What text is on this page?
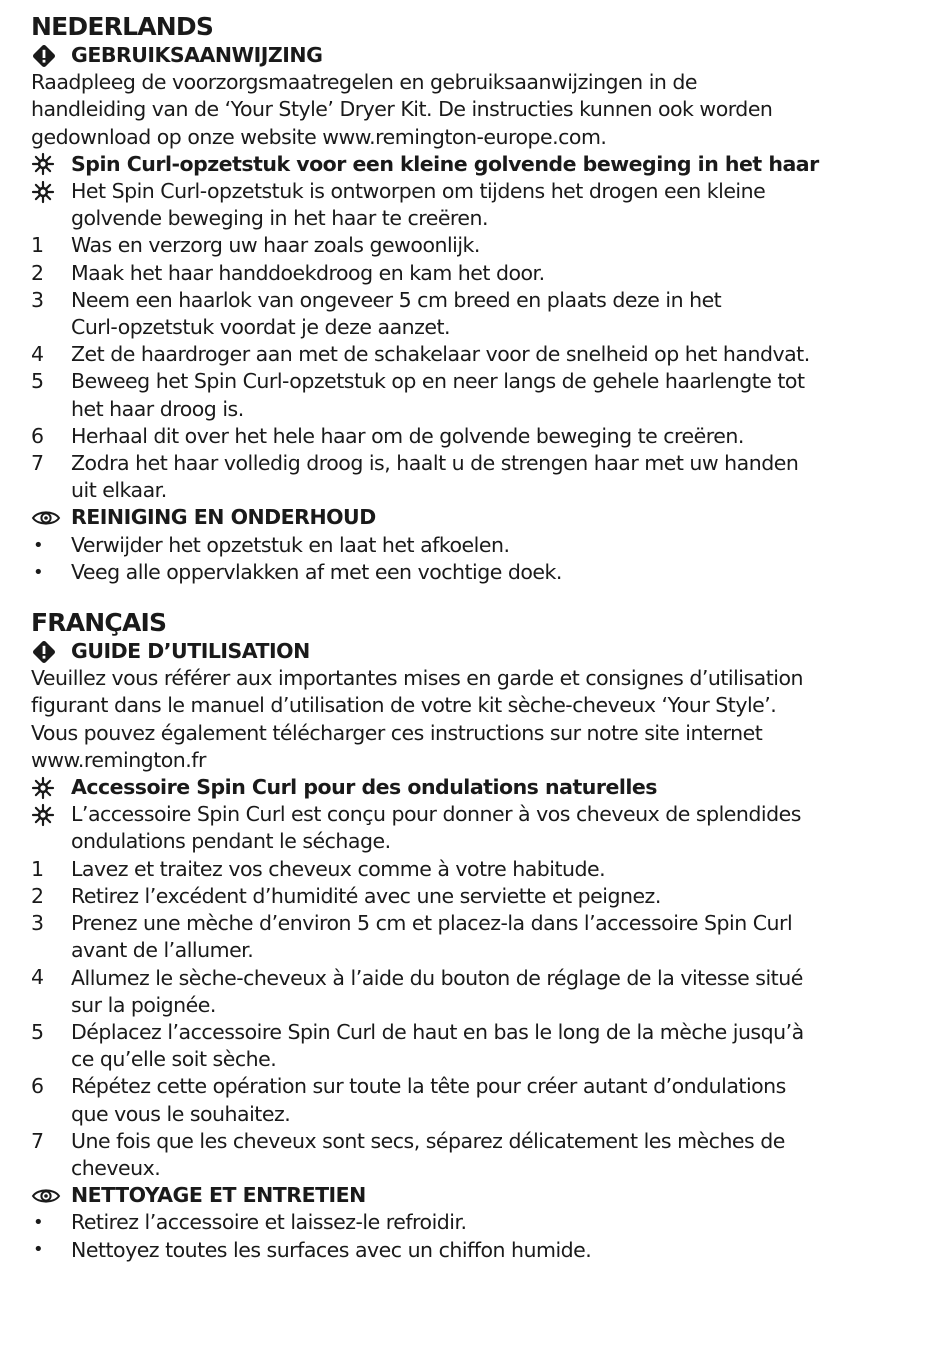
NEDERLANDS
GEBRUIKSAANWIJZING
Raadpleeg de voorzorgsmaatregelen en gebruiksaanwijzingen in de
handleiding van de ‘Your Style’ Dryer Kit. De instructies kunnen ook worden
gedownload op onze website www.remington-europe.com.
Spin Curl-opzetstuk voor een kleine golvende beweging in het haar
Het Spin Curl-opzetstuk is ontworpen om tijdens het drogen een kleine
golvende beweging in het haar te creëren.
1 Was en verzorg uw haar zoals gewoonlijk.
2 Maak het haar handdoekdroog en kam het door.
3 Neem een haarlok van ongeveer 5 cm breed en plaats deze in het
Curl-opzetstuk voordat je deze aanzet.
4 Zet de haardroger aan met de schakelaar voor de snelheid op het handvat.
5 Beweeg het Spin Curl-opzetstuk op en neer langs de gehele haarlengte tot
het haar droog is.
6 Herhaal dit over het hele haar om de golvende beweging te creëren.
7 Zodra het haar volledig droog is, haalt u de strengen haar met uw handen
uit elkaar.
REINIGING EN ONDERHOUD
• Verwijder het opzetstuk en laat het afkoelen.
• Veeg alle oppervlakken af met een vochtige doek.
FRANÇAIS
GUIDE D’UTILISATION
Veuillez vous référer aux importantes mises en garde et consignes d’utilisation
figurant dans le manuel d’utilisation de votre kit sèche-cheveux ‘Your Style’.
Vous pouvez également télécharger ces instructions sur notre site internet
www.remington.fr
Accessoire Spin Curl pour des ondulations naturelles
L’accessoire Spin Curl est conçu pour donner à vos cheveux de splendides
ondulations pendant le séchage.
1 Lavez et traitez vos cheveux comme à votre habitude.
2 Retirez l’excédent d’humidité avec une serviette et peignez.
3 Prenez une mèche d’environ 5 cm et placez-la dans l’accessoire Spin Curl
avant de l’allumer.
4 Allumez le sèche-cheveux à l’aide du bouton de réglage de la vitesse situé
sur la poignée.
5 Déplacez l’accessoire Spin Curl de haut en bas le long de la mèche jusqu’à
ce qu’elle soit sèche.
6 Répétez cette opération sur toute la tête pour créer autant d’ondulations
que vous le souhaitez.
7 Une fois que les cheveux sont secs, séparez délicatement les mèches de
cheveux.
NETTOYAGE ET ENTRETIEN
• Retirez l’accessoire et laissez-le refroidir.
• Nettoyez toutes les surfaces avec un chiffon humide.
